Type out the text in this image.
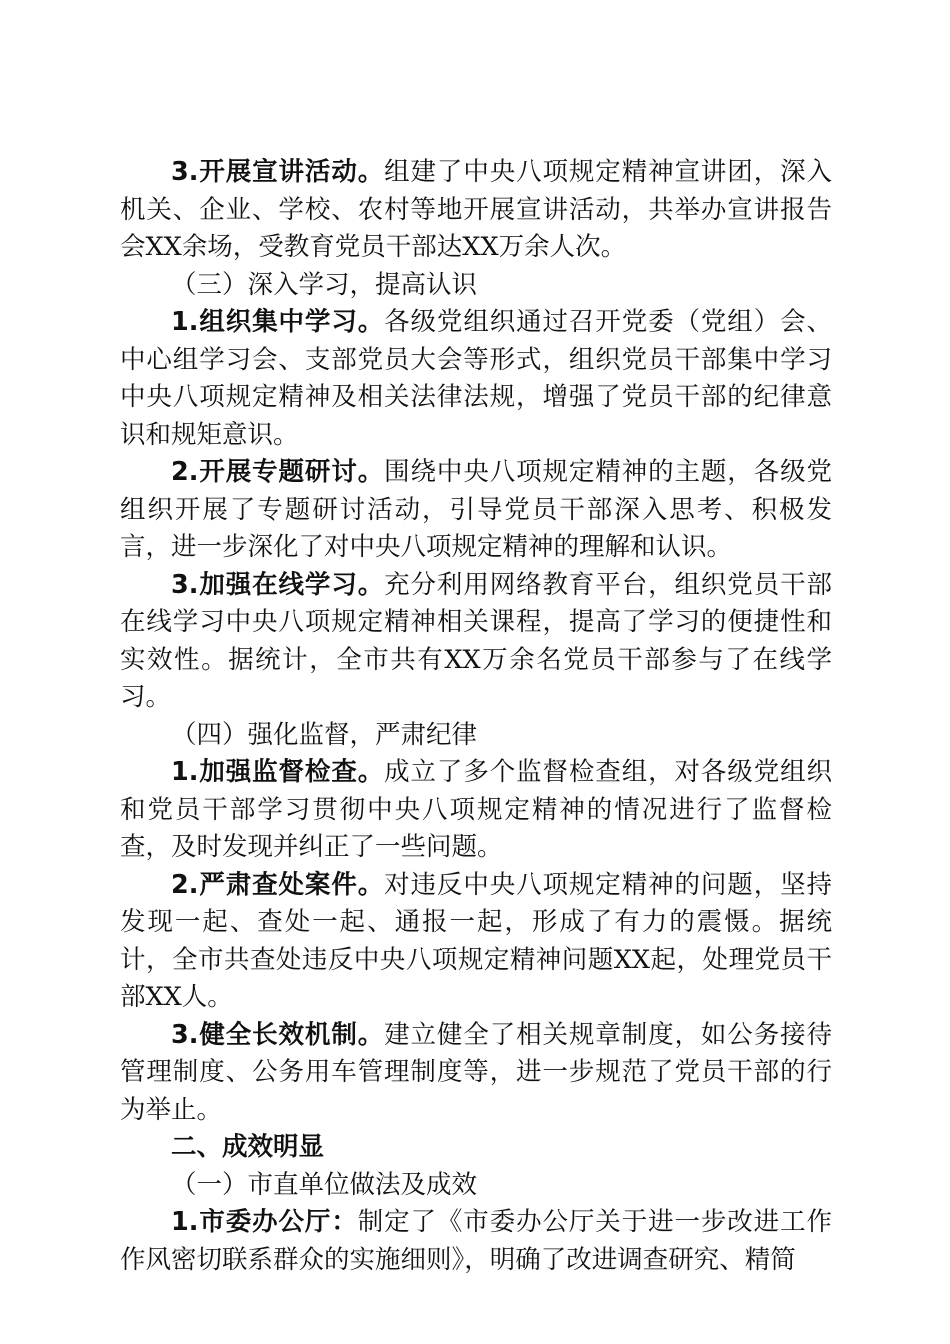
3.开展宣讲活动。组建了中央八项规定精神宣讲团，深入机关、企业、学校、农村等地开展宣讲活动，共举办宣讲报告会XX余场，受教育党员干部达XX万余人次。

（三）深入学习，提高认识

1.组织集中学习。各级党组织通过召开党委（党组）会、中心组学习会、支部党员大会等形式，组织党员干部集中学习中央八项规定精神及相关法律法规，增强了党员干部的纪律意识和规矩意识。

2.开展专题研讨。围绕中央八项规定精神的主题，各级党组织开展了专题研讨活动，引导党员干部深入思考、积极发言，进一步深化了对中央八项规定精神的理解和认识。

3.加强在线学习。充分利用网络教育平台，组织党员干部在线学习中央八项规定精神相关课程，提高了学习的便捷性和实效性。据统计，全市共有XX万余名党员干部参与了在线学习。

（四）强化监督，严肃纪律

1.加强监督检查。成立了多个监督检查组，对各级党组织和党员干部学习贯彻中央八项规定精神的情况进行了监督检查，及时发现并纠正了一些问题。

2.严肃查处案件。对违反中央八项规定精神的问题，坚持发现一起、查处一起、通报一起，形成了有力的震慑。据统计，全市共查处违反中央八项规定精神问题XX起，处理党员干部XX人。

3.健全长效机制。建立健全了相关规章制度，如公务接待管理制度、公务用车管理制度等，进一步规范了党员干部的行为举止。

二、成效明显

（一）市直单位做法及成效

1.市委办公厅：制定了《市委办公厅关于进一步改进工作作风密切联系群众的实施细则》，明确了改进调查研究、精简
